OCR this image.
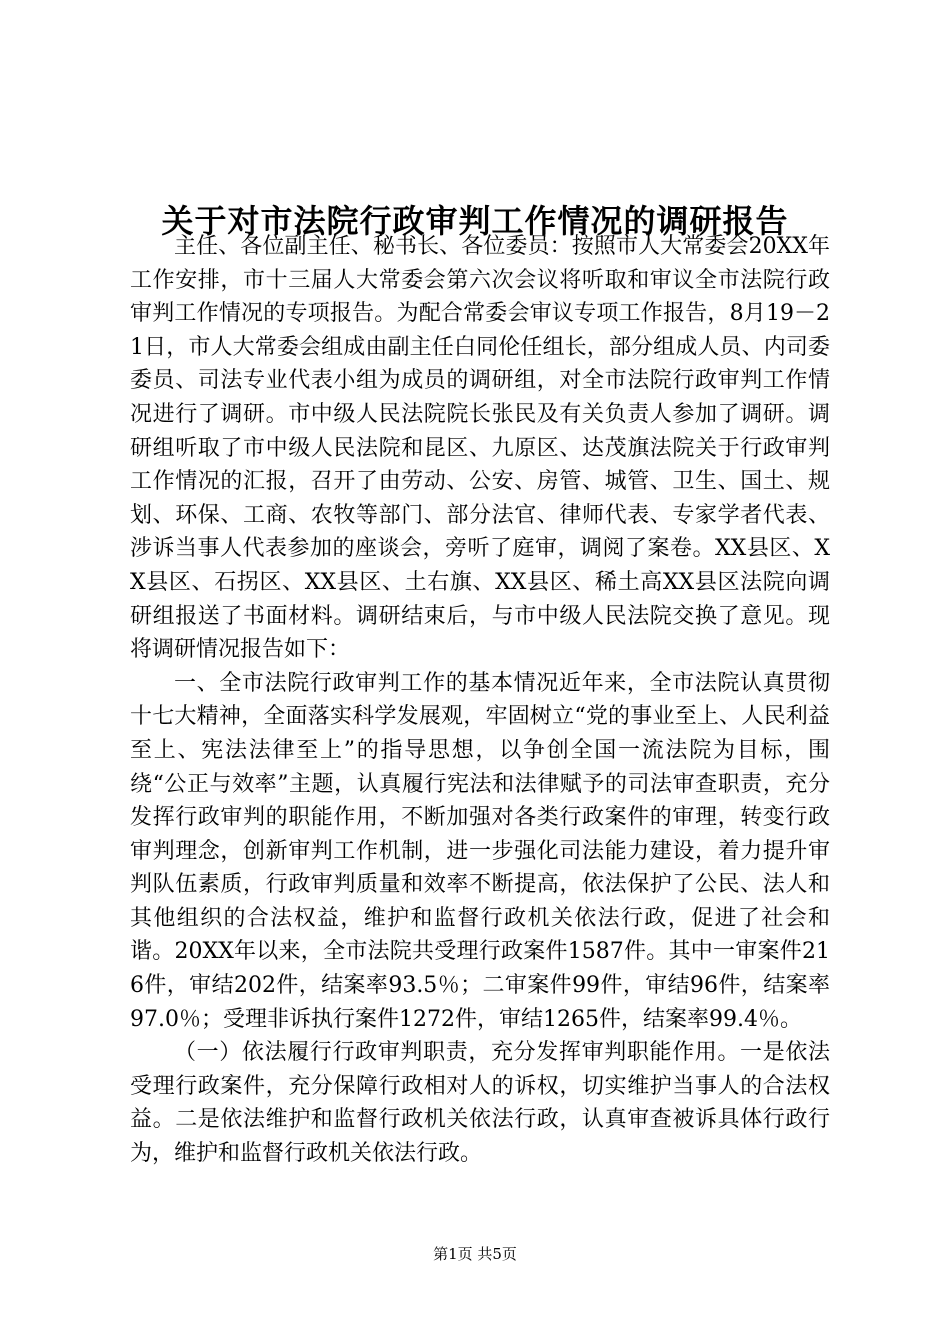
关于对市法院行政审判工作情况的调研报告

主任、各位副主任、秘书长、各位委员：按照市人大常委会20XX年工作安排，市十三届人大常委会第六次会议将听取和审议全市法院行政审判工作情况的专项报告。为配合常委会审议专项工作报告，8月19－21日，市人大常委会组成由副主任白同伦任组长，部分组成人员、内司委委员、司法专业代表小组为成员的调研组，对全市法院行政审判工作情况进行了调研。市中级人民法院院长张民及有关负责人参加了调研。调研组听取了市中级人民法院和昆区、九原区、达茂旗法院关于行政审判工作情况的汇报，召开了由劳动、公安、房管、城管、卫生、国土、规划、环保、工商、农牧等部门、部分法官、律师代表、专家学者代表、涉诉当事人代表参加的座谈会，旁听了庭审，调阅了案卷。XX县区、XX县区、石拐区、XX县区、土右旗、XX县区、稀土高XX县区法院向调研组报送了书面材料。调研结束后，与市中级人民法院交换了意见。现将调研情况报告如下：

一、全市法院行政审判工作的基本情况近年来，全市法院认真贯彻十七大精神，全面落实科学发展观，牢固树立“党的事业至上、人民利益至上、宪法法律至上”的指导思想，以争创全国一流法院为目标，围绕“公正与效率”主题，认真履行宪法和法律赋予的司法审查职责，充分发挥行政审判的职能作用，不断加强对各类行政案件的审理，转变行政审判理念，创新审判工作机制，进一步强化司法能力建设，着力提升审判队伍素质，行政审判质量和效率不断提高，依法保护了公民、法人和其他组织的合法权益，维护和监督行政机关依法行政，促进了社会和谐。20XX年以来，全市法院共受理行政案件1587件。其中一审案件216件，审结202件，结案率93.5％；二审案件99件，审结96件，结案率97.0％；受理非诉执行案件1272件，审结1265件，结案率99.4％。

（一）依法履行行政审判职责，充分发挥审判职能作用。一是依法受理行政案件，充分保障行政相对人的诉权，切实维护当事人的合法权益。二是依法维护和监督行政机关依法行政，认真审查被诉具体行政行为，维护和监督行政机关依法行政。

第1页 共5页
